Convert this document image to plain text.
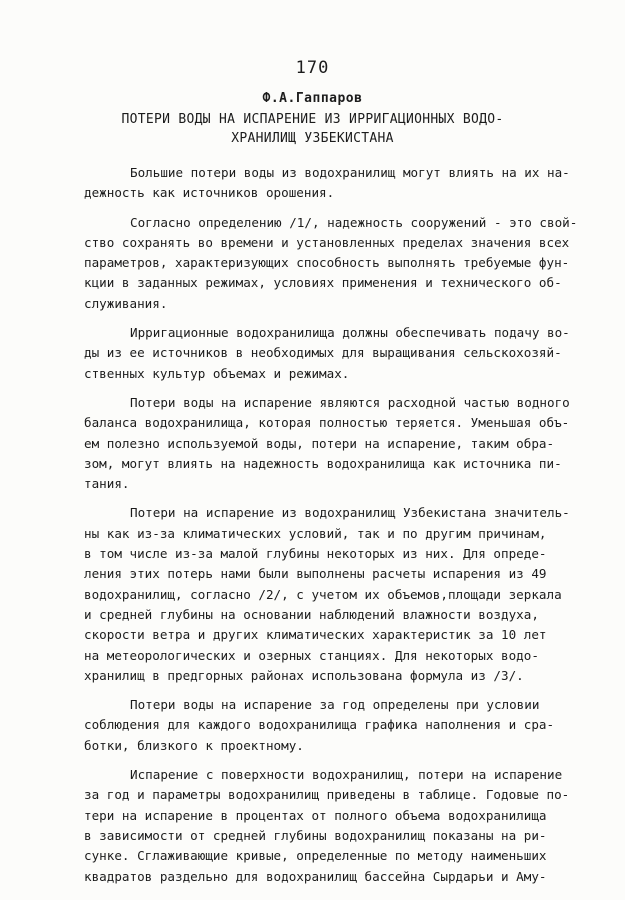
170
Ф.А.Гаппаров
ПОТЕРИ ВОДЫ НА ИСПАРЕНИЕ ИЗ ИРРИГАЦИОННЫХ ВОДО-
ХРАНИЛИЩ УЗБЕКИСТАНА
Большие потери воды из водохранилищ могут влиять на их на-
дежность как источников орошения.
Согласно определению /1/, надежность сооружений - это свой-
ство сохранять во времени и установленных пределах значения всех
параметров, характеризующих способность выполнять требуемые фун-
кции в заданных режимах, условиях применения и технического об-
служивания.
Ирригационные водохранилища должны обеспечивать подачу во-
ды из ее источников в необходимых для выращивания сельскохозяй-
ственных культур объемах и режимах.
Потери воды на испарение являются расходной частью водного
баланса водохранилища, которая полностью теряется. Уменьшая объ-
ем полезно используемой воды, потери на испарение, таким обра-
зом, могут влиять на надежность водохранилища как источника пи-
тания.
Потери на испарение из водохранилищ Узбекистана значитель-
ны как из-за климатических условий, так и по другим причинам,
в том числе из-за малой глубины некоторых из них. Для опреде-
ления этих потерь нами были выполнены расчеты испарения из 49
водохранилищ, согласно /2/, с учетом их объемов,площади зеркала
и средней глубины на основании наблюдений влажности воздуха,
скорости ветра и других климатических характеристик за 10 лет
на метеорологических и озерных станциях. Для некоторых водо-
хранилищ в предгорных районах использована формула из /3/.
Потери воды на испарение за год определены при условии
соблюдения для каждого водохранилища графика наполнения и сра-
ботки, близкого к проектному.
Испарение с поверхности водохранилищ, потери на испарение
за год и параметры водохранилищ приведены в таблице. Годовые по-
тери на испарение в процентах от полного объема водохранилища
в зависимости от средней глубины водохранилищ показаны на ри-
сунке. Сглаживающие кривые, определенные по методу наименьших
квадратов раздельно для водохранилищ бассейна Сырдарьи и Аму-
